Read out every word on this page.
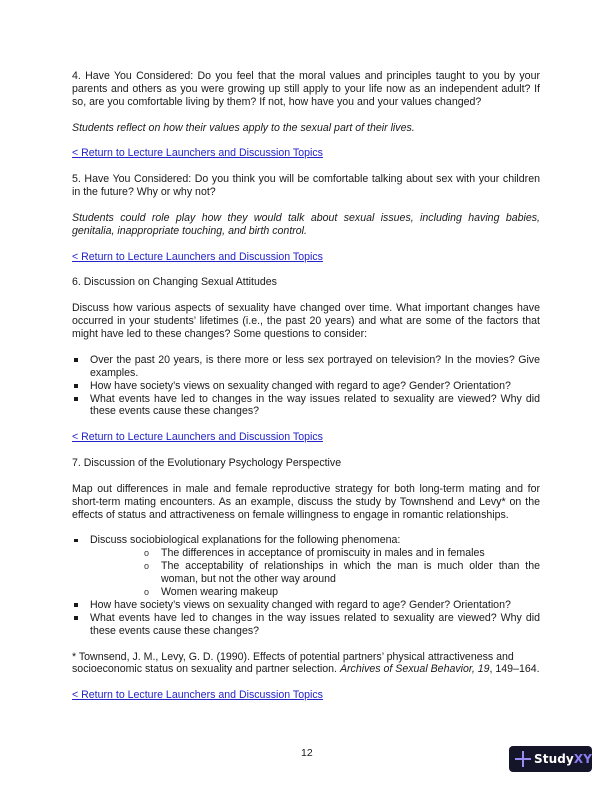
4. Have You Considered: Do you feel that the moral values and principles taught to you by your parents and others as you were growing up still apply to your life now as an independent adult? If so, are you comfortable living by them? If not, how have you and your values changed?

Students reflect on how their values apply to the sexual part of their lives.

< Return to Lecture Launchers and Discussion Topics

5. Have You Considered: Do you think you will be comfortable talking about sex with your children in the future? Why or why not?

Students could role play how they would talk about sexual issues, including having babies, genitalia, inappropriate touching, and birth control.

< Return to Lecture Launchers and Discussion Topics

6. Discussion on Changing Sexual Attitudes

Discuss how various aspects of sexuality have changed over time. What important changes have occurred in your students’ lifetimes (i.e., the past 20 years) and what are some of the factors that might have led to these changes? Some questions to consider:

Over the past 20 years, is there more or less sex portrayed on television? In the movies? Give examples.
How have society’s views on sexuality changed with regard to age? Gender? Orientation?
What events have led to changes in the way issues related to sexuality are viewed? Why did these events cause these changes?
< Return to Lecture Launchers and Discussion Topics

7. Discussion of the Evolutionary Psychology Perspective

Map out differences in male and female reproductive strategy for both long-term mating and for short-term mating encounters. As an example, discuss the study by Townshend and Levy* on the effects of status and attractiveness on female willingness to engage in romantic relationships.

Discuss sociobiological explanations for the following phenomena:
o The differences in acceptance of promiscuity in males and in females
o The acceptability of relationships in which the man is much older than the woman, but not the other way around
o Women wearing makeup
How have society’s views on sexuality changed with regard to age? Gender? Orientation?
What events have led to changes in the way issues related to sexuality are viewed? Why did these events cause these changes?

* Townsend, J. M., Levy, G. D. (1990). Effects of potential partners’ physical attractiveness and socioeconomic status on sexuality and partner selection. Archives of Sexual Behavior, 19, 149–164.

< Return to Lecture Launchers and Discussion Topics
12	StudyXY
